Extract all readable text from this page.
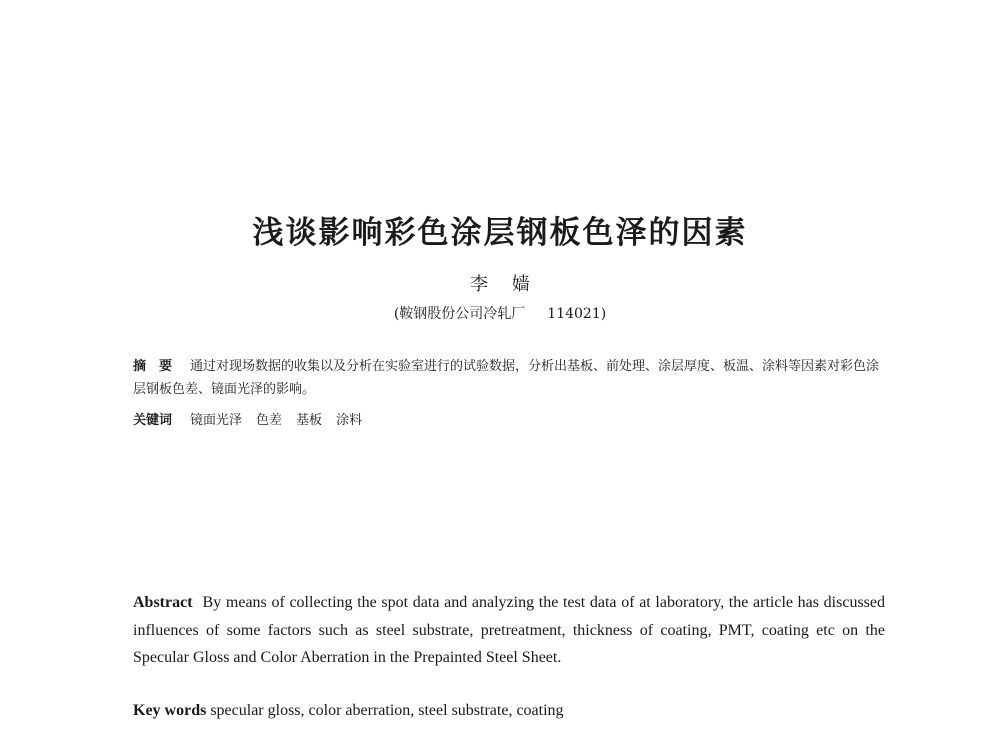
浅谈影响彩色涂层钢板色泽的因素
李 嫱
(鞍钢股份公司冷轧厂 114021)
摘　要 通过对现场数据的收集以及分析在实验室进行的试验数据，分析出基板、前处理、涂层厚度、板温、涂料等因素对彩色涂层钢板色差、镜面光泽的影响。
关键词 镜面光泽 色差 基板 涂料
Abstract By means of collecting the spot data and analyzing the test data of at laboratory, the article has discussed influences of some factors such as steel substrate, pretreatment, thickness of coating, PMT, coating etc on the Specular Gloss and Color Aberration in the Prepainted Steel Sheet.
Key words specular gloss, color aberration, steel substrate, coating
